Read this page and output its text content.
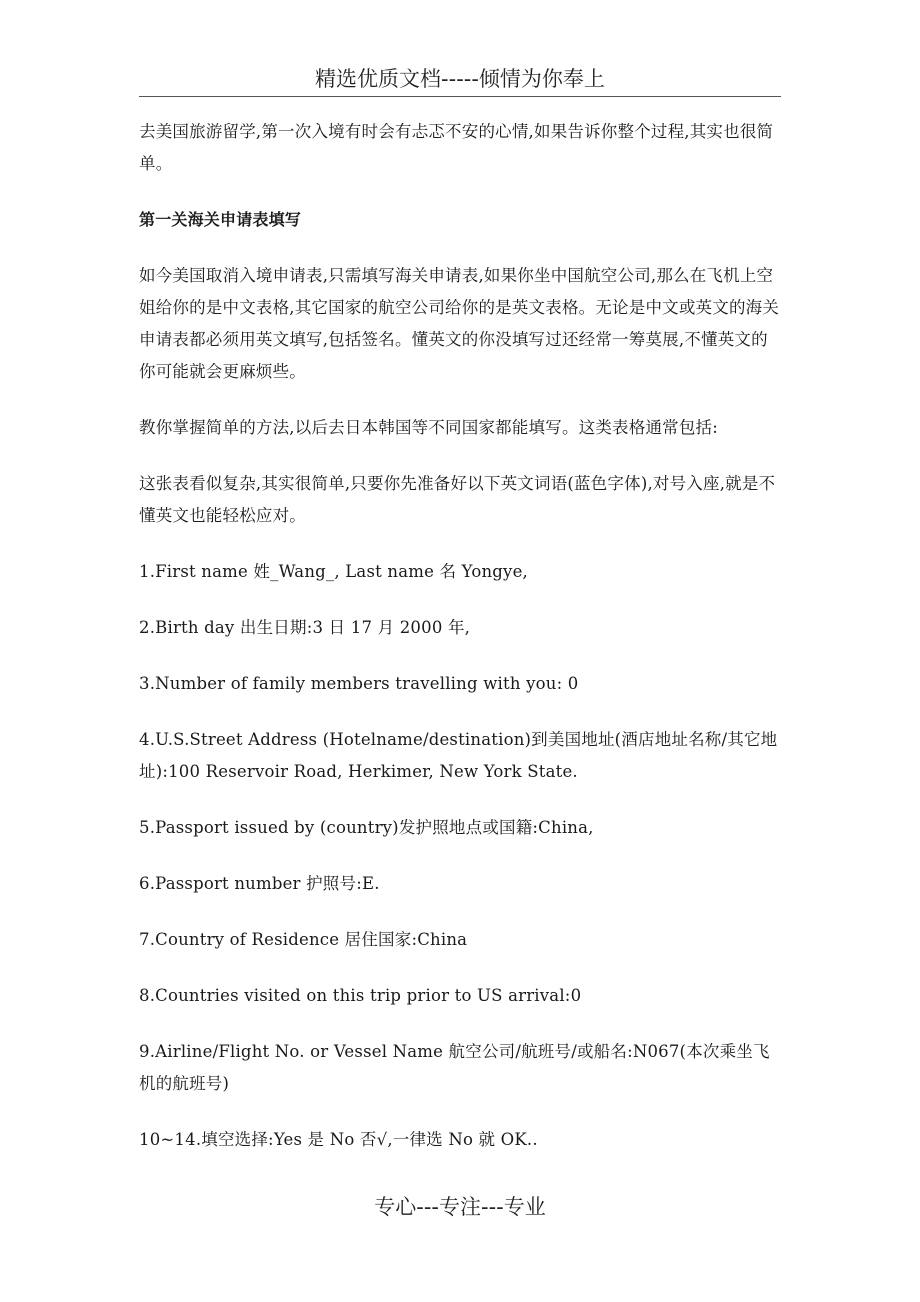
精选优质文档-----倾情为你奉上

去美国旅游留学,第一次入境有时会有忐忑不安的心情,如果告诉你整个过程,其实也很简单。

第一关海关申请表填写

如今美国取消入境申请表,只需填写海关申请表,如果你坐中国航空公司,那么在飞机上空姐给你的是中文表格,其它国家的航空公司给你的是英文表格。无论是中文或英文的海关申请表都必须用英文填写,包括签名。懂英文的你没填写过还经常一筹莫展,不懂英文的你可能就会更麻烦些。

教你掌握简单的方法,以后去日本韩国等不同国家都能填写。这类表格通常包括:

这张表看似复杂,其实很简单,只要你先准备好以下英文词语(蓝色字体),对号入座,就是不懂英文也能轻松应对。

1.First name 姓_Wang_, Last name 名 Yongye,

2.Birth day 出生日期:3 日 17 月 2000 年,

3.Number of family members travelling with you: 0

4.U.S.Street Address (Hotelname/destination)到美国地址(酒店地址名称/其它地址):100 Reservoir Road, Herkimer, New York State.

5.Passport issued by (country)发护照地点或国籍:China,

6.Passport number 护照号:E.

7.Country of Residence 居住国家:China

8.Countries visited on this trip prior to US arrival:0

9.Airline/Flight No. or Vessel Name 航空公司/航班号/或船名:N067(本次乘坐飞机的航班号)

10~14.填空选择:Yes 是 No 否√,一律选 No 就 OK..

专心---专注---专业
